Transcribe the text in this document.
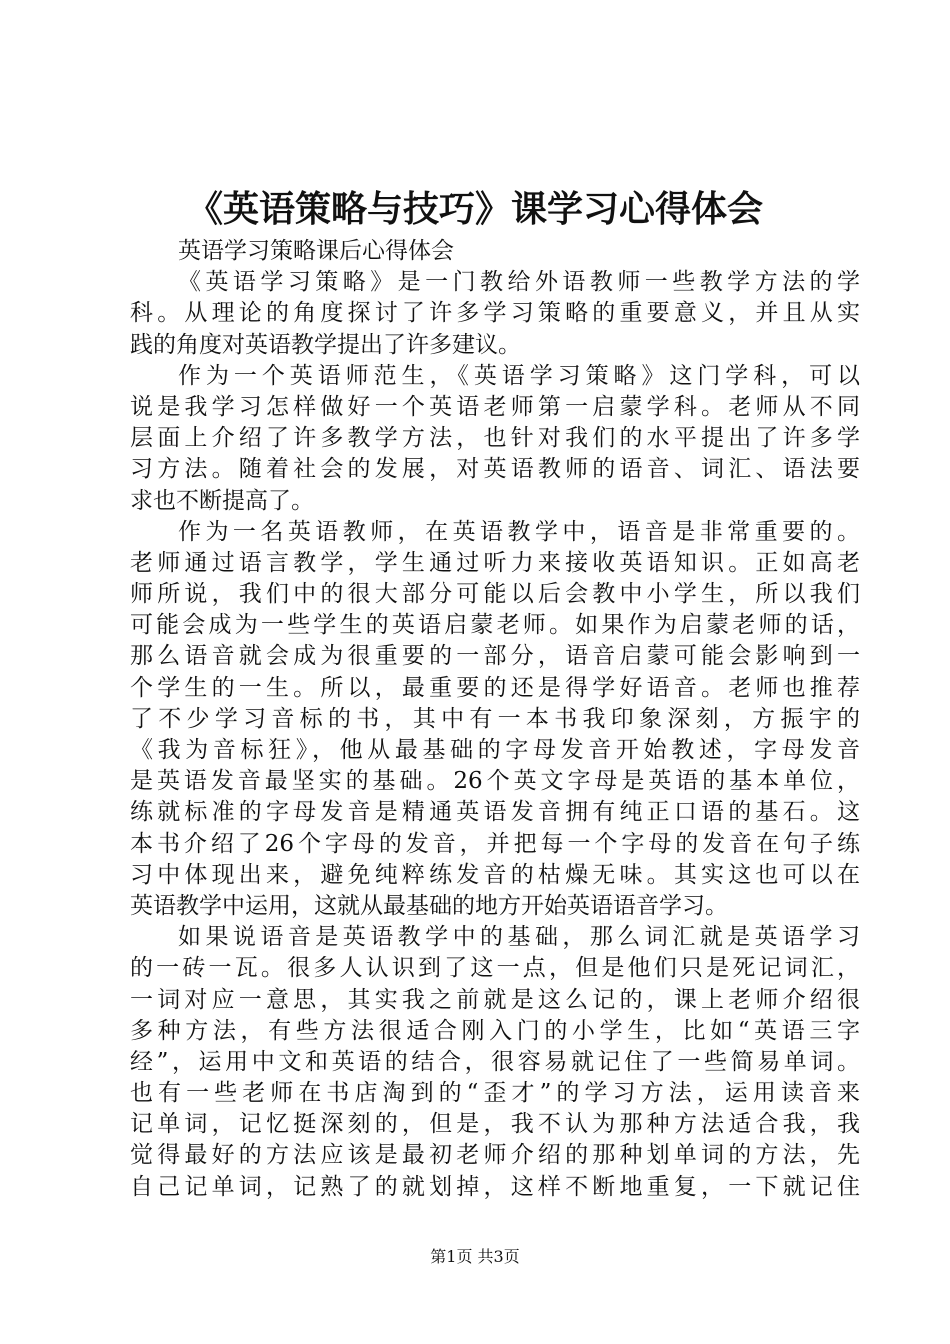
《英语策略与技巧》课学习心得体会
英语学习策略课后心得体会
《英语学习策略》是一门教给外语教师一些教学方法的学
科。从理论的角度探讨了许多学习策略的重要意义，并且从实
践的角度对英语教学提出了许多建议。
作为一个英语师范生，《英语学习策略》这门学科，可以
说是我学习怎样做好一个英语老师第一启蒙学科。老师从不同
层面上介绍了许多教学方法，也针对我们的水平提出了许多学
习方法。随着社会的发展，对英语教师的语音、词汇、语法要
求也不断提高了。
作为一名英语教师，在英语教学中，语音是非常重要的。
老师通过语言教学，学生通过听力来接收英语知识。正如高老
师所说，我们中的很大部分可能以后会教中小学生，所以我们
可能会成为一些学生的英语启蒙老师。如果作为启蒙老师的话，
那么语音就会成为很重要的一部分，语音启蒙可能会影响到一
个学生的一生。所以，最重要的还是得学好语音。老师也推荐
了不少学习音标的书，其中有一本书我印象深刻，方振宇的
《我为音标狂》，他从最基础的字母发音开始教述，字母发音
是英语发音最坚实的基础。26个英文字母是英语的基本单位，
练就标准的字母发音是精通英语发音拥有纯正口语的基石。这
本书介绍了26个字母的发音，并把每一个字母的发音在句子练
习中体现出来，避免纯粹练发音的枯燥无味。其实这也可以在
英语教学中运用，这就从最基础的地方开始英语语音学习。
如果说语音是英语教学中的基础，那么词汇就是英语学习
的一砖一瓦。很多人认识到了这一点，但是他们只是死记词汇，
一词对应一意思，其实我之前就是这么记的，课上老师介绍很
多种方法，有些方法很适合刚入门的小学生，比如“英语三字
经”，运用中文和英语的结合，很容易就记住了一些简易单词。
也有一些老师在书店淘到的“歪才”的学习方法，运用读音来
记单词，记忆挺深刻的，但是，我不认为那种方法适合我，我
觉得最好的方法应该是最初老师介绍的那种划单词的方法，先
自己记单词，记熟了的就划掉，这样不断地重复，一下就记住
第1页 共3页
